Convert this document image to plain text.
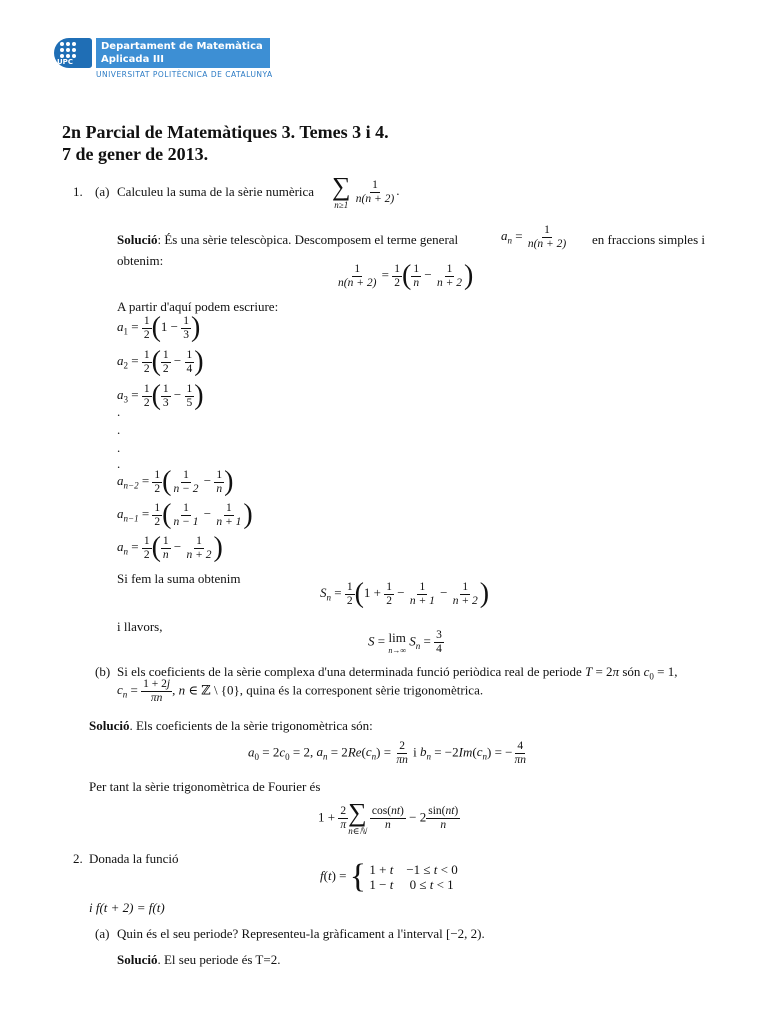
UPC
Departament de Matemàtica
Aplicada III
UNIVERSITAT POLITÈCNICA DE CATALUNYA
2n Parcial de Matemàtiques 3. Temes 3 i 4.
7 de gener de 2013.
1. (a) Calculeu la suma de la sèrie numèrica ∑
n≥1
$\frac{1}{n(n + 2)}$ .
Solució: És una sèrie telescòpica. Descomposem el terme general	$a_n = \frac{1}{n(n + 2)}$ en fraccions simples i
obtenim:
$\frac{1}{n(n + 2)} = \frac{1}{2}$ ( $\frac{1}{n} - \frac{1}{n + 2}$ )
A partir d'aquí podem escriure:
$a_1 = \frac{1}{2} (1 - \frac{1}{3}$ )
$a_2 = \frac{1}{2}$ ( $\frac{1}{2} - \frac{1}{4}$ )
$a_3 = \frac{1}{2}$ ( $\frac{1}{3} - \frac{1}{5}$ )
.
.
.
.
$a_{n-2} = \frac{1}{2}$ ( $\frac{1}{n - 2} - \frac{1}{n}$ )
$a_{n-1} = \frac{1}{2}$ ( $\frac{1}{n - 1} - \frac{1}{n + 1}$ )
$a_n = \frac{1}{2}$ ( $\frac{1}{n} - \frac{1}{n + 2}$ )
Si fem la suma obtenim
$S_n = \frac{1}{2} (1 + \frac{1}{2} - \frac{1}{n + 1} - \frac{1}{n + 2}$ )
i llavors,
S = lim
n→∞
$S_n = \frac{3}{4}$
(b) Si els coeficients de la sèrie complexa d'una determinada funció periòdica real de periode T = 2π són $c_0 = 1$,
$c_n = \frac{1 + 2j}{\pi n}$ , n ∈ ℤ \ {0}, quina és la corresponent sèrie trigonomètrica.
Solució. Els coeficients de la sèrie trigonomètrica són:
$a_0 = 2c_0 = 2$, $a_n = 2Re(c_n) = \frac{2}{\pi n}$ i $b_n = -2Im(c_n)$ = − $\frac{4}{\pi n}$
Per tant la sèrie trigonomètrica de Fourier és
$1 + \frac{2}{\pi}$ ∑
n∈ℕ
$\frac{\cos(nt)}{n} - 2 \frac{\sin(nt)}{n}$
2. Donada la funció
f(t) = { 1 + t    −1 ≤ t < 0
1 − t     0 ≤ t < 1
i f(t + 2) = f(t)
(a) Quin és el seu periode? Representeu-la gràficament a l'interval [−2, 2).
Solució. El seu periode és T=2.
